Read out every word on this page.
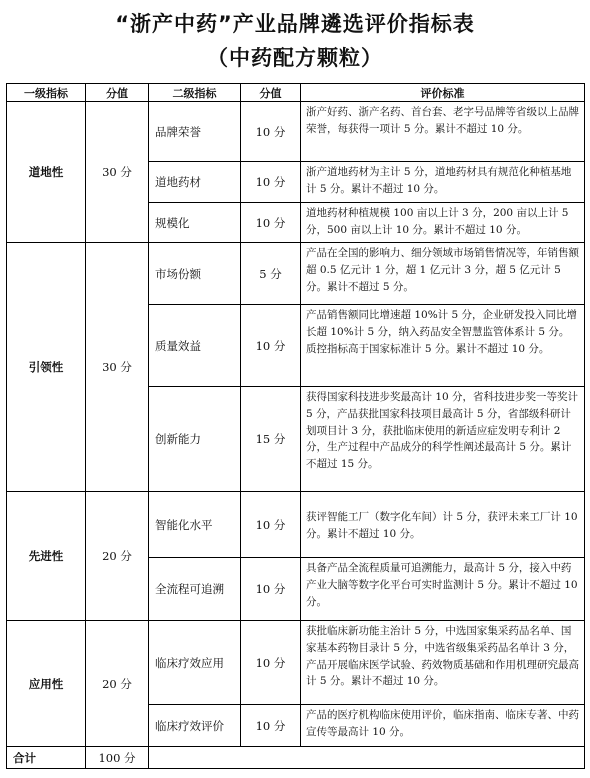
“浙产中药”产业品牌遴选评价指标表
（中药配方颗粒）
一级指标	分值	二级指标	分值	评价标准
道地性	30 分	品牌荣誉	10 分	浙产好药、浙产名药、首台套、老字号品牌等省级以上品牌荣誉，每获得一项计 5 分。累计不超过 10 分。
		道地药材	10 分	浙产道地药材为主计 5 分，道地药材具有规范化种植基地计 5 分。累计不超过 10 分。
		规模化	10 分	道地药材种植规模 100 亩以上计 3 分，200 亩以上计 5 分，500 亩以上计 10 分。累计不超过 10 分。
引领性	30 分	市场份额	5 分	产品在全国的影响力、细分领域市场销售情况等，年销售额超 0.5 亿元计 1 分，超 1 亿元计 3 分，超 5 亿元计 5 分。累计不超过 5 分。
		质量效益	10 分	产品销售额同比增速超 10%计 5 分，企业研发投入同比增长超 10%计 5 分，纳入药品安全智慧监管体系计 5 分。质控指标高于国家标准计 5 分。累计不超过 10 分。
		创新能力	15 分	获得国家科技进步奖最高计 10 分，省科技进步奖一等奖计 5 分，产品获批国家科技项目最高计 5 分，省部级科研计划项目计 3 分，获批临床使用的新适应症发明专利计 2 分，生产过程中产品成分的科学性阐述最高计 5 分。累计不超过 15 分。
先进性	20 分	智能化水平	10 分	获评智能工厂（数字化车间）计 5 分，获评未来工厂计 10 分。累计不超过 10 分。
		全流程可追溯	10 分	具备产品全流程质量可追溯能力，最高计 5 分，接入中药产业大脑等数字化平台可实时监测计 5 分。累计不超过 10 分。
应用性	20 分	临床疗效应用	10 分	获批临床新功能主治计 5 分，中选国家集采药品名单、国家基本药物目录计 5 分，中选省级集采药品名单计 3 分，产品开展临床医学试验、药效物质基础和作用机理研究最高计 5 分。累计不超过 10 分。
		临床疗效评价	10 分	产品的医疗机构临床使用评价，临床指南、临床专著、中药宣传等最高计 10 分。
合计	100 分			
